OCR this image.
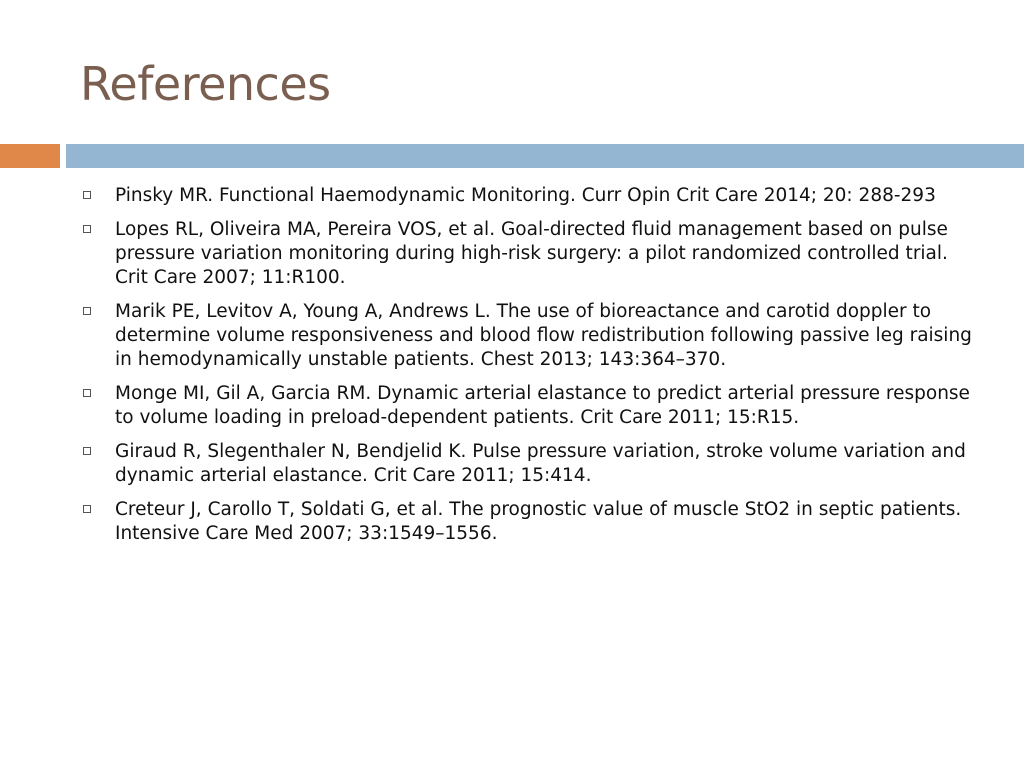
References
Pinsky MR. Functional Haemodynamic Monitoring. Curr Opin Crit Care 2014; 20: 288-293
Lopes RL, Oliveira MA, Pereira VOS, et al. Goal-directed fluid management based on pulse pressure variation monitoring during high-risk surgery: a pilot randomized controlled trial. Crit Care 2007; 11:R100.
Marik PE, Levitov A, Young A, Andrews L. The use of bioreactance and carotid doppler to determine volume responsiveness and blood flow redistribution following passive leg raising in hemodynamically unstable patients. Chest 2013; 143:364–370.
Monge MI, Gil A, Garcia RM. Dynamic arterial elastance to predict arterial pressure response to volume loading in preload-dependent patients. Crit Care 2011; 15:R15.
Giraud R, Slegenthaler N, Bendjelid K. Pulse pressure variation, stroke volume variation and dynamic arterial elastance. Crit Care 2011; 15:414.
Creteur J, Carollo T, Soldati G, et al. The prognostic value of muscle StO2 in septic patients. Intensive Care Med 2007; 33:1549–1556.
